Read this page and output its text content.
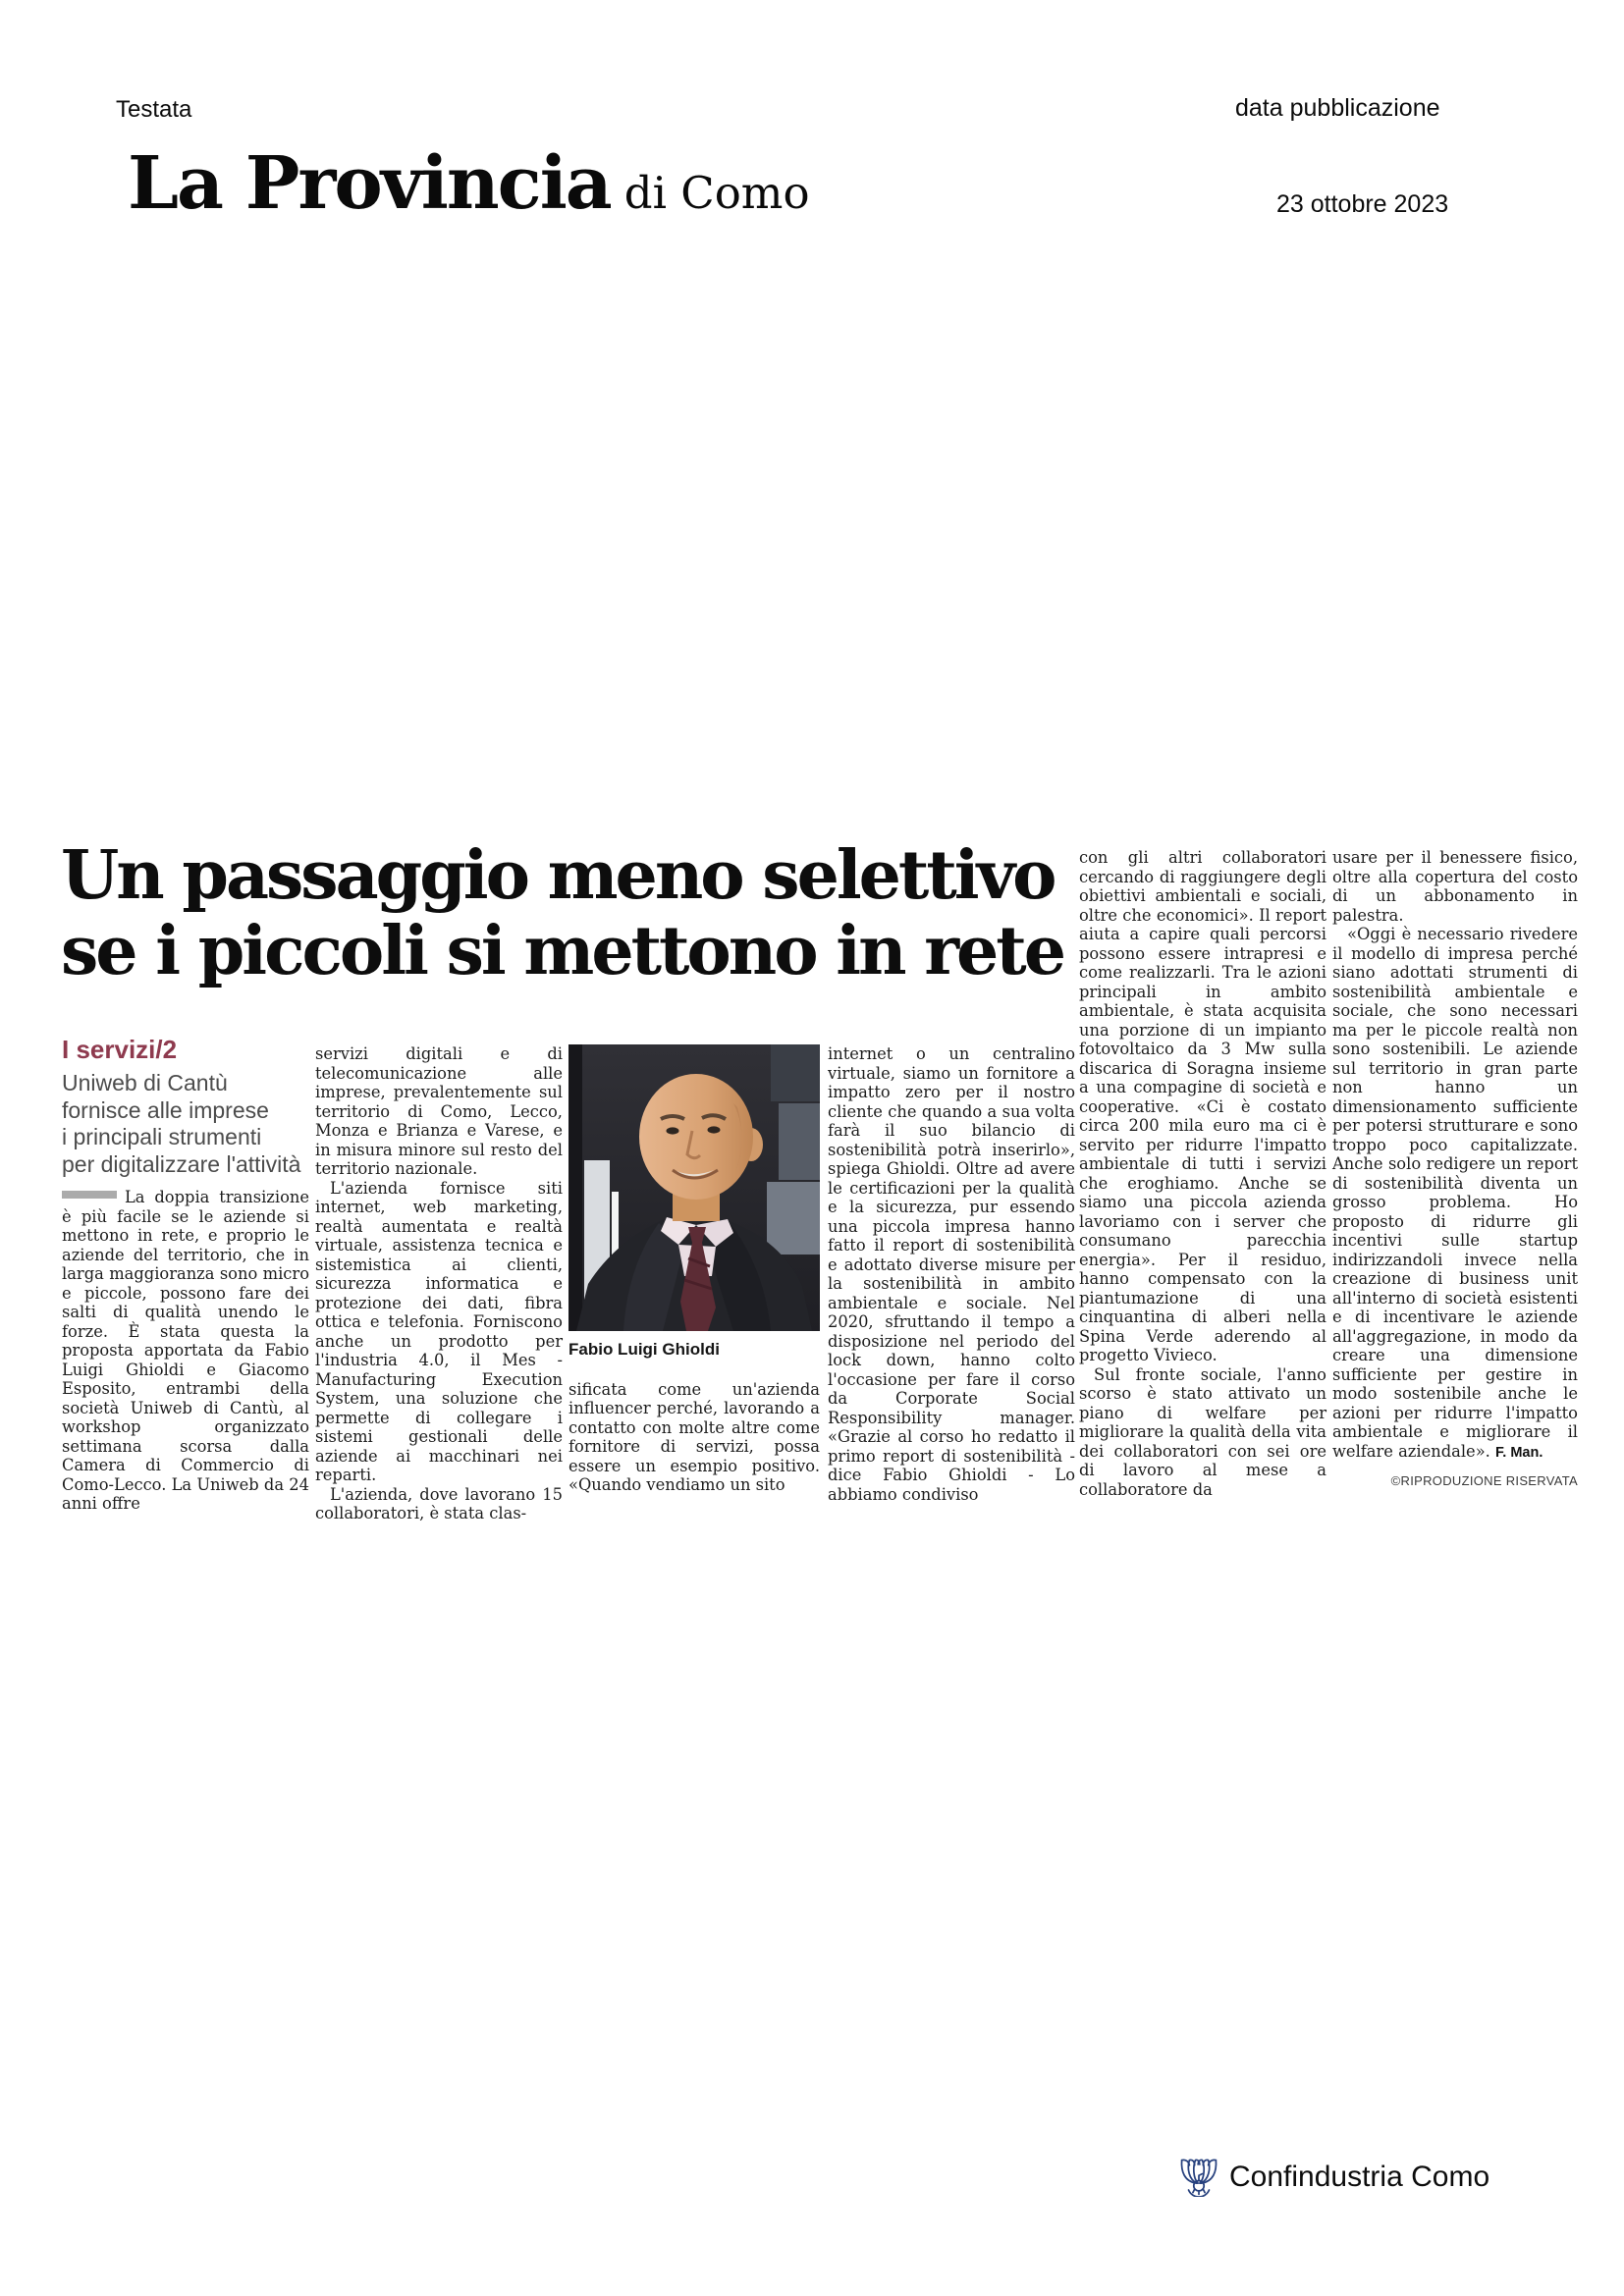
Testata	data pubblicazione
23 ottobre 2023
La Provincia di Como
Un passaggio meno selettivo
se i piccoli si mettono in rete
I servizi/2
Uniweb di Cantù
fornisce alle imprese
i principali strumenti
per digitalizzare l'attività

La doppia transizione è più facile se le aziende si mettono in rete, e proprio le aziende del territorio, che in larga maggioranza sono micro e piccole, possono fare dei salti di qualità unendo le forze. È stata questa la proposta apportata da Fabio Luigi Ghioldi e Giacomo Esposito, entrambi della società Uniweb di Cantù, al workshop organizzato settimana scorsa dalla Camera di Commercio di Como-Lecco. La Uniweb da 24 anni offre

servizi digitali e di telecomunicazione alle imprese, prevalentemente sul territorio di Como, Lecco, Monza e Brianza e Varese, e in misura minore sul resto del territorio nazionale.

L'azienda fornisce siti internet, web marketing, realtà aumentata e realtà virtuale, assistenza tecnica e sistemistica ai clienti, sicurezza informatica e protezione dei dati, fibra ottica e telefonia. Forniscono anche un prodotto per l'industria 4.0, il Mes - Manufacturing Execution System, una soluzione che permette di collegare i sistemi gestionali delle aziende ai macchinari nei reparti.

L'azienda, dove lavorano 15 collaboratori, è stata clas-

Fabio Luigi Ghioldi

sificata come un'azienda influencer perché, lavorando a contatto con molte altre come fornitore di servizi, possa essere un esempio positivo. «Quando vendiamo un sito

internet o un centralino virtuale, siamo un fornitore a impatto zero per il nostro cliente che quando a sua volta farà il suo bilancio di sostenibilità potrà inserirlo», spiega Ghioldi. Oltre ad avere le certificazioni per la qualità e la sicurezza, pur essendo una piccola impresa hanno fatto il report di sostenibilità e adottato diverse misure per la sostenibilità in ambito ambientale e sociale. Nel 2020, sfruttando il tempo a disposizione nel periodo del lock down, hanno colto l'occasione per fare il corso da Corporate Social Responsibility manager. «Grazie al corso ho redatto il primo report di sostenibilità - dice Fabio Ghioldi - Lo abbiamo condiviso

con gli altri collaboratori cercando di raggiungere degli obiettivi ambientali e sociali, oltre che economici». Il report aiuta a capire quali percorsi possono essere intrapresi e come realizzarli. Tra le azioni principali in ambito ambientale, è stata acquisita una porzione di un impianto fotovoltaico da 3 Mw sulla discarica di Soragna insieme a una compagine di società e cooperative. «Ci è costato circa 200 mila euro ma ci è servito per ridurre l'impatto ambientale di tutti i servizi che eroghiamo. Anche se siamo una piccola azienda lavoriamo con i server che consumano parecchia energia». Per il residuo, hanno compensato con la piantumazione di una cinquantina di alberi nella Spina Verde aderendo al progetto Vivieco.

Sul fronte sociale, l'anno scorso è stato attivato un piano di welfare per migliorare la qualità della vita dei collaboratori con sei ore di lavoro al mese a collaboratore da

usare per il benessere fisico, oltre alla copertura del costo di un abbonamento in palestra.

«Oggi è necessario rivedere il modello di impresa perché siano adottati strumenti di sostenibilità ambientale e sociale, che sono necessari ma per le piccole realtà non sono sostenibili. Le aziende sul territorio in gran parte non hanno un dimensionamento sufficiente per potersi strutturare e sono troppo poco capitalizzate. Anche solo redigere un report di sostenibilità diventa un grosso problema. Ho proposto di ridurre gli incentivi sulle startup indirizzandoli invece nella creazione di business unit all'interno di società esistenti e di incentivare le aziende all'aggregazione, in modo da creare una dimensione sufficiente per gestire in modo sostenibile anche le azioni per ridurre l'impatto ambientale e migliorare il welfare aziendale». F. Man.

©RIPRODUZIONE RISERVATA
Confindustria Como
